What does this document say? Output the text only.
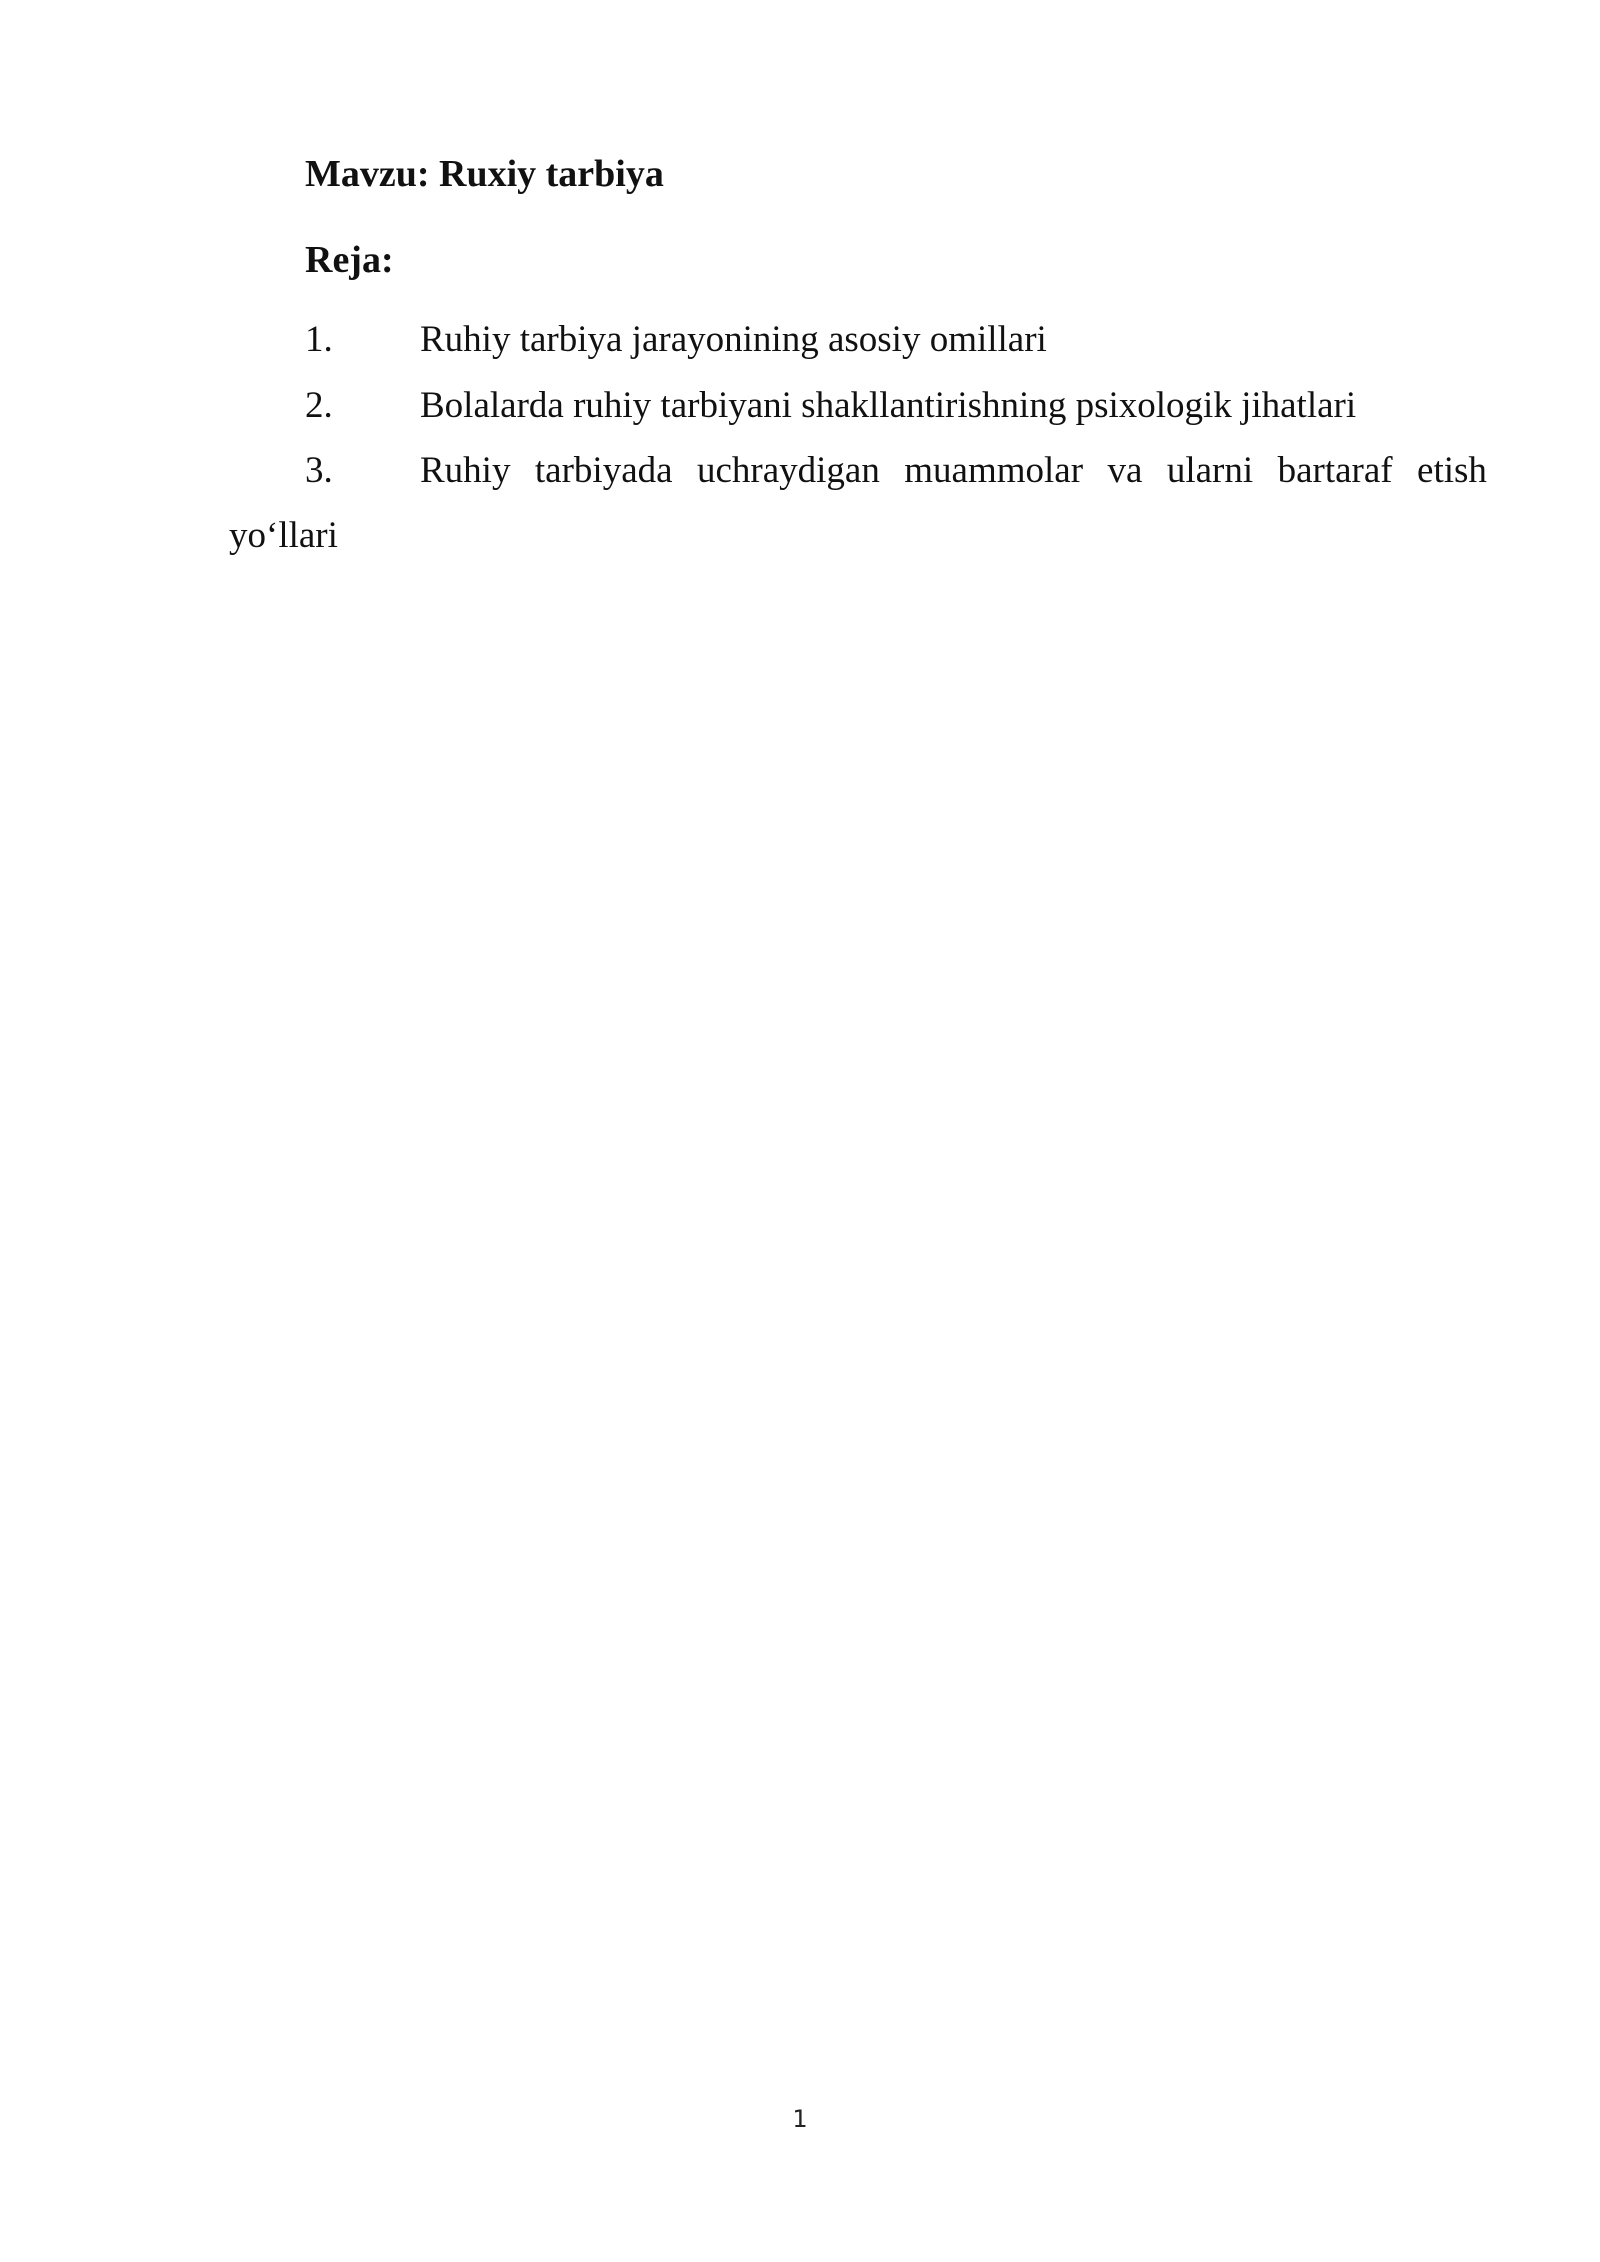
Mavzu: Ruxiy tarbiya
Reja:
1. Ruhiy tarbiya jarayonining asosiy omillari
2. Bolalarda ruhiy tarbiyani shakllantirishning psixologik jihatlari
3. Ruhiy tarbiyada uchraydigan muammolar va ularni bartaraf etish
yo‘llari
1
